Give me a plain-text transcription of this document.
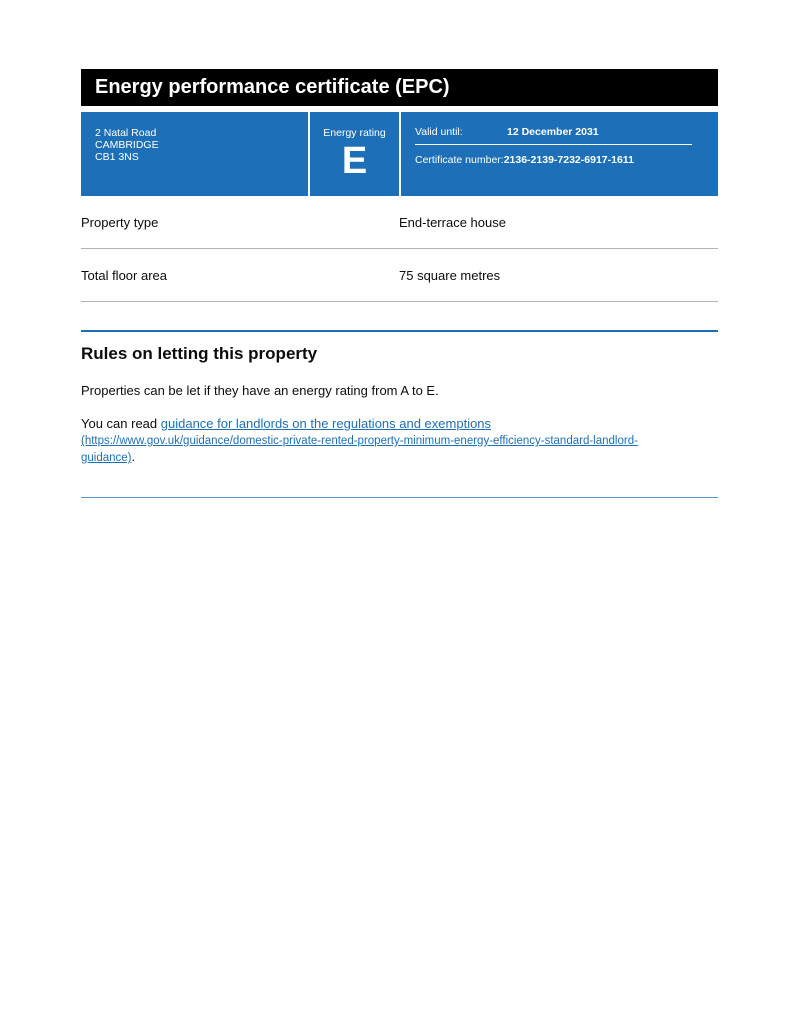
Energy performance certificate (EPC)
2 Natal Road
CAMBRIDGE
CB1 3NS
Energy rating
E
Valid until:	12 December 2031
Certificate number: 2136-2139-7232-6917-1611
Property type	End-terrace house
Total floor area	75 square metres
Rules on letting this property

Properties can be let if they have an energy rating from A to E.

You can read guidance for landlords on the regulations and exemptions
(https://www.gov.uk/guidance/domestic-private-rented-property-minimum-energy-efficiency-standard-landlord-
guidance).
